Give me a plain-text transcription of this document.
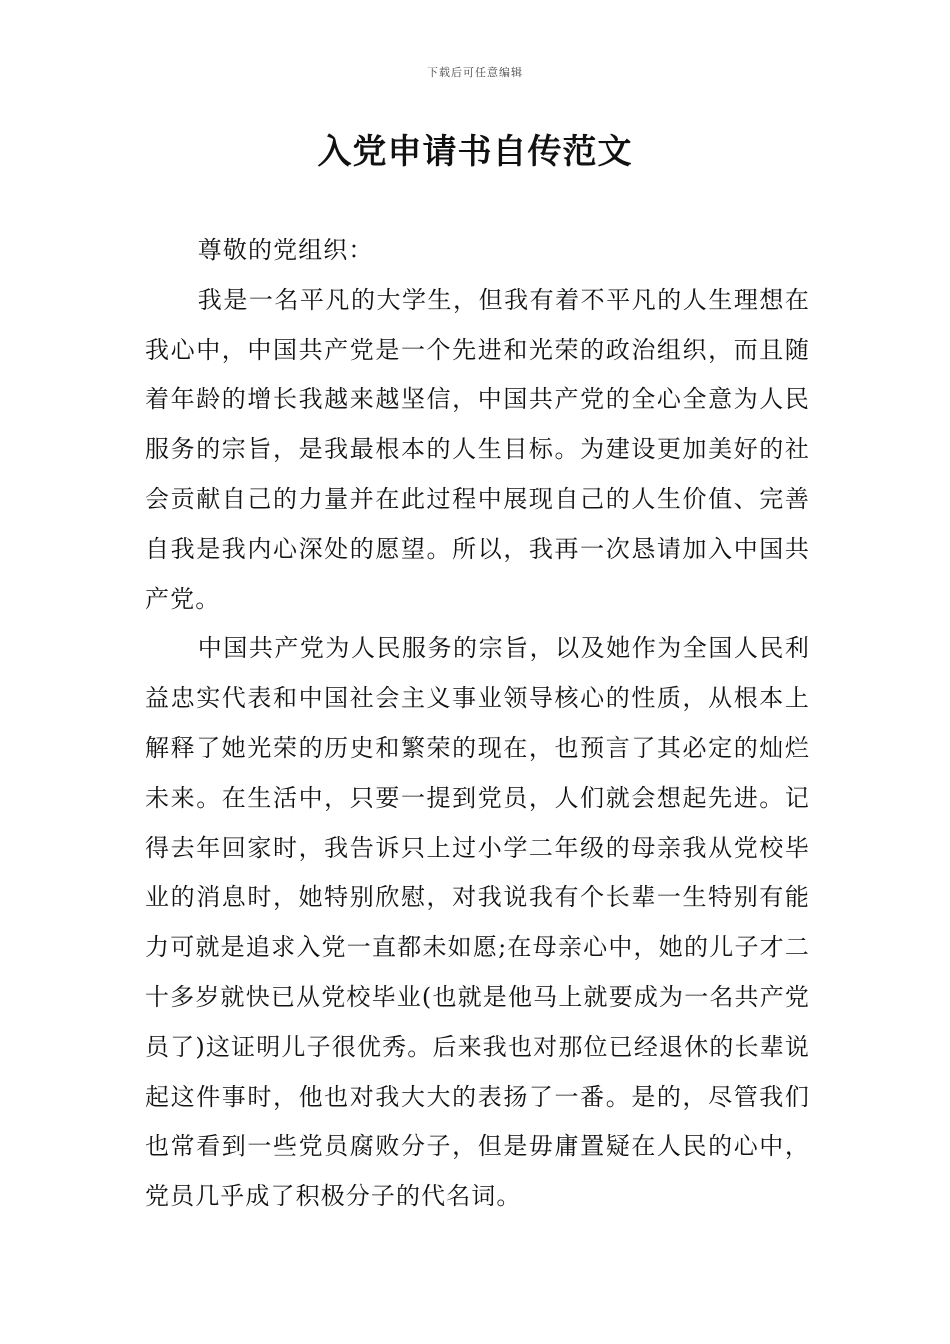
下载后可任意编辑
入党申请书自传范文

尊敬的党组织：

我是一名平凡的大学生，但我有着不平凡的人生理想在我心中，中国共产党是一个先进和光荣的政治组织，而且随着年龄的增长我越来越坚信，中国共产党的全心全意为人民服务的宗旨，是我最根本的人生目标。为建设更加美好的社会贡献自己的力量并在此过程中展现自己的人生价值、完善自我是我内心深处的愿望。所以，我再一次恳请加入中国共产党。

中国共产党为人民服务的宗旨，以及她作为全国人民利益忠实代表和中国社会主义事业领导核心的性质，从根本上解释了她光荣的历史和繁荣的现在，也预言了其必定的灿烂未来。在生活中，只要一提到党员，人们就会想起先进。记得去年回家时，我告诉只上过小学二年级的母亲我从党校毕业的消息时，她特别欣慰，对我说我有个长辈一生特别有能力可就是追求入党一直都未如愿;在母亲心中，她的儿子才二十多岁就快已从党校毕业(也就是他马上就要成为一名共产党员了)这证明儿子很优秀。后来我也对那位已经退休的长辈说起这件事时，他也对我大大的表扬了一番。是的，尽管我们也常看到一些党员腐败分子，但是毋庸置疑在人民的心中，党员几乎成了积极分子的代名词。
